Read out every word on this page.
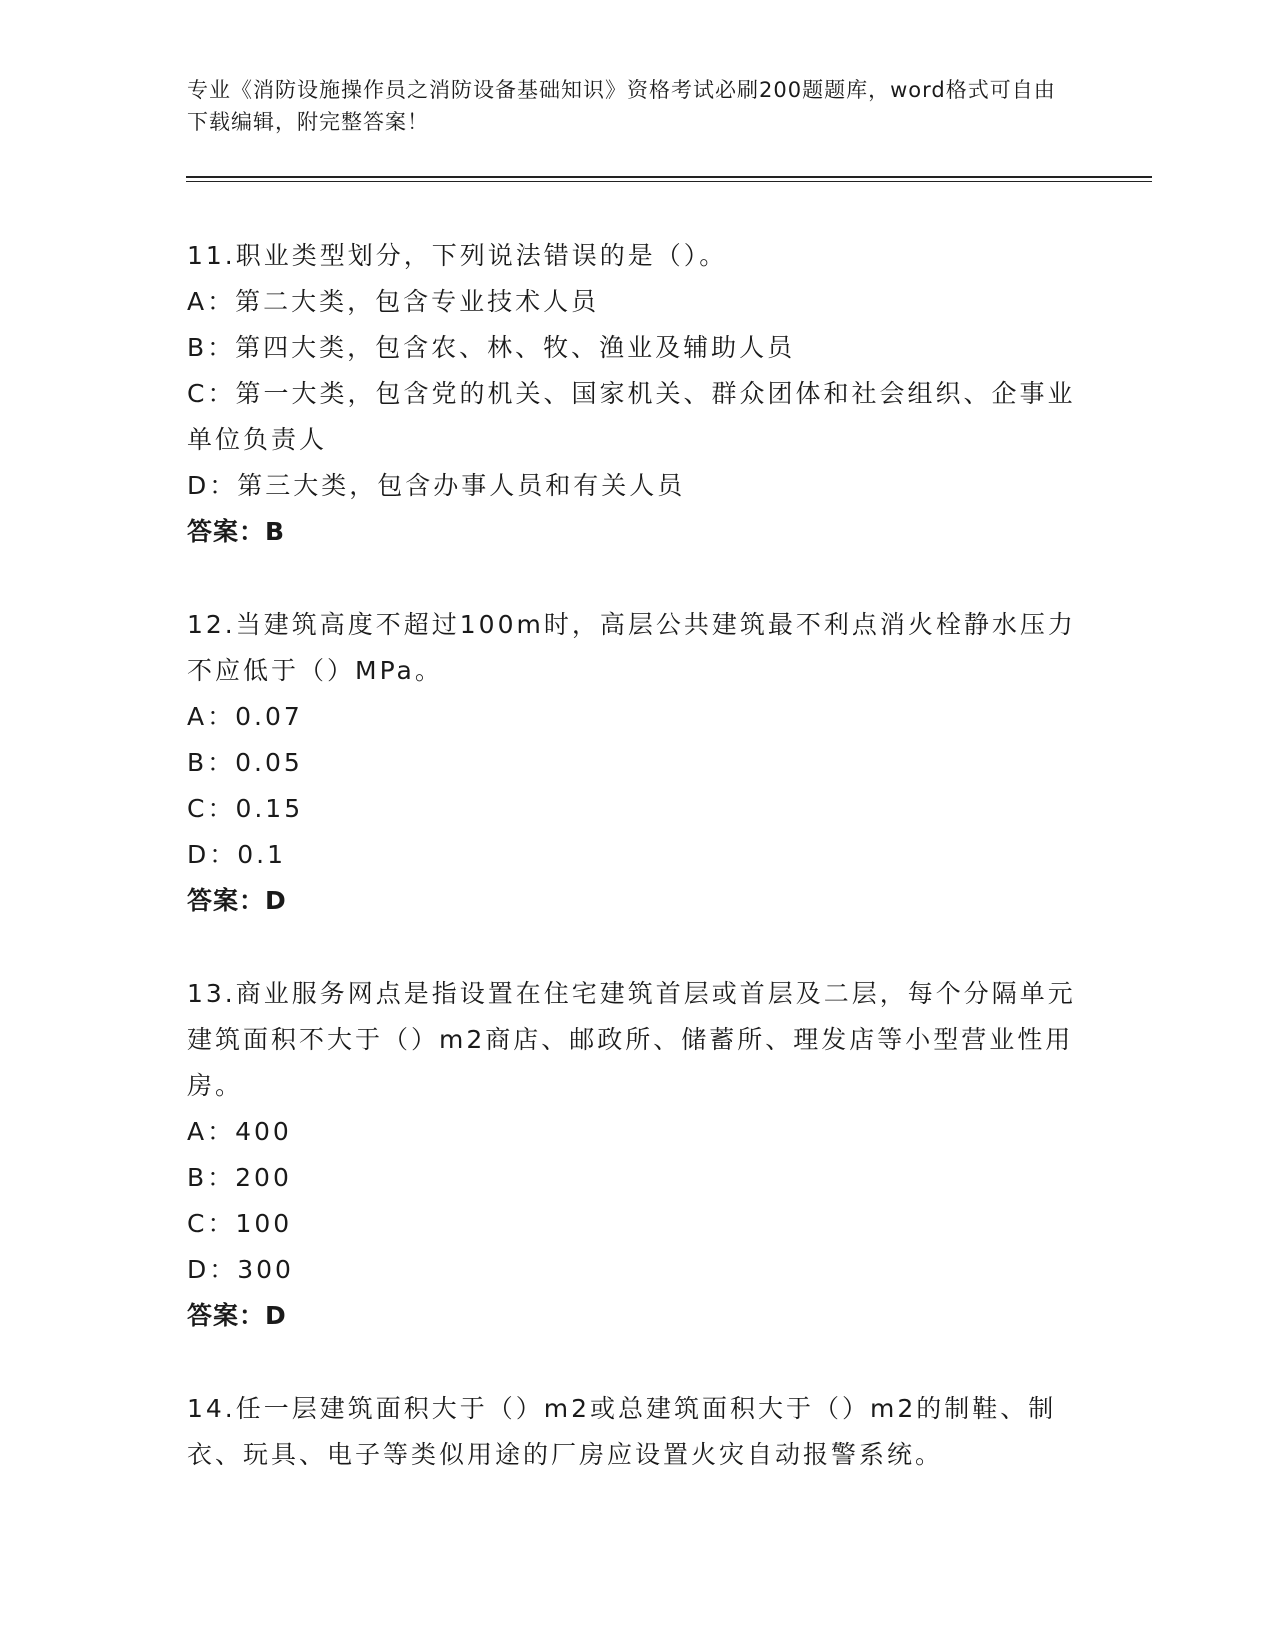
专业《消防设施操作员之消防设备基础知识》资格考试必刷200题题库，word格式可自由下载编辑，附完整答案！
11.职业类型划分，下列说法错误的是（）。
A：第二大类，包含专业技术人员
B：第四大类，包含农、林、牧、渔业及辅助人员
C：第一大类，包含党的机关、国家机关、群众团体和社会组织、企事业单位负责人
D：第三大类，包含办事人员和有关人员
答案：B
12.当建筑高度不超过100m时，高层公共建筑最不利点消火栓静水压力不应低于（）MPa。
A：0.07
B：0.05
C：0.15
D：0.1
答案：D
13.商业服务网点是指设置在住宅建筑首层或首层及二层，每个分隔单元建筑面积不大于（）m2商店、邮政所、储蓄所、理发店等小型营业性用房。
A：400
B：200
C：100
D：300
答案：D
14.任一层建筑面积大于（）m2或总建筑面积大于（）m2的制鞋、制衣、玩具、电子等类似用途的厂房应设置火灾自动报警系统。
